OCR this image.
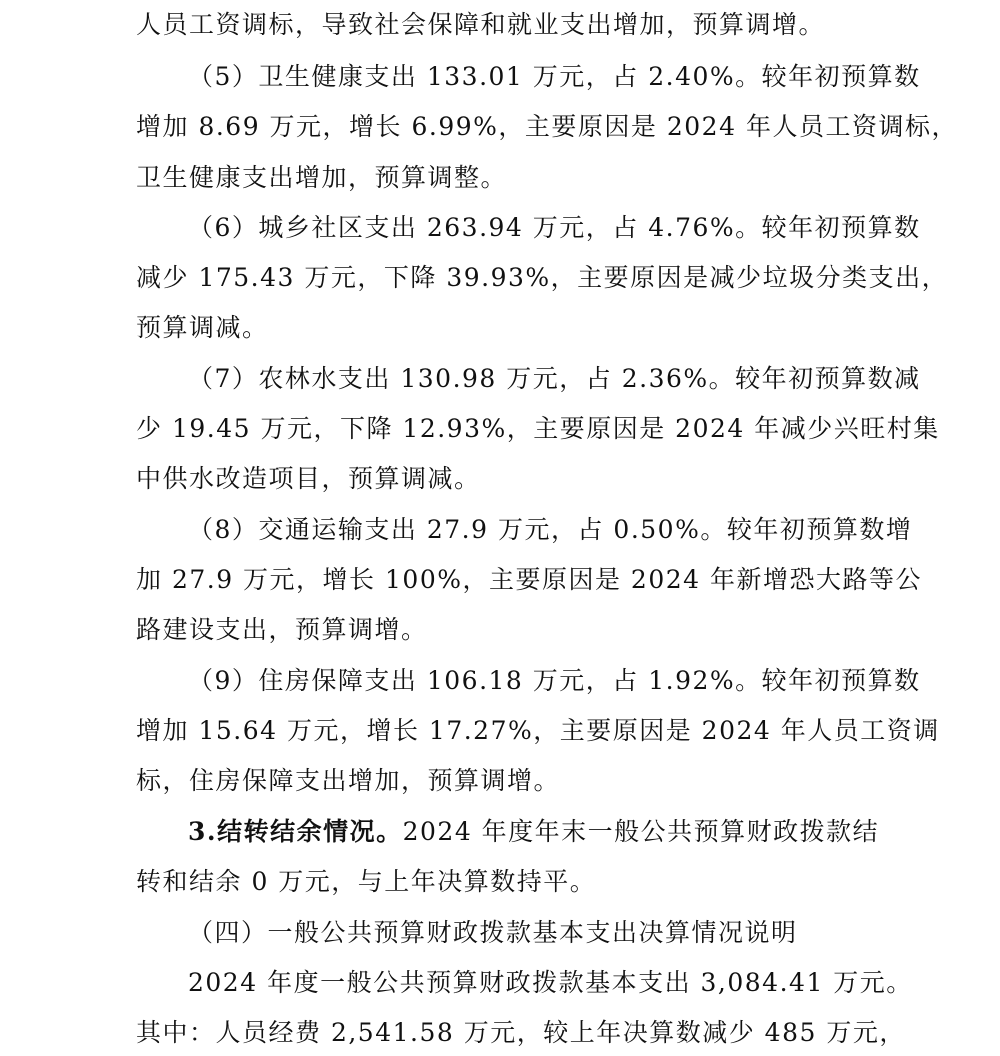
人员工资调标，导致社会保障和就业支出增加，预算调增。
（5）卫生健康支出 133.01 万元，占 2.40%。较年初预算数
增加 8.69 万元，增长 6.99%，主要原因是 2024 年人员工资调标，
卫生健康支出增加，预算调整。
（6）城乡社区支出 263.94 万元，占 4.76%。较年初预算数
减少 175.43 万元，下降 39.93%，主要原因是减少垃圾分类支出，
预算调减。
（7）农林水支出 130.98 万元，占 2.36%。较年初预算数减
少 19.45 万元，下降 12.93%，主要原因是 2024 年减少兴旺村集
中供水改造项目，预算调减。
（8）交通运输支出 27.9 万元，占 0.50%。较年初预算数增
加 27.9 万元，增长 100%，主要原因是 2024 年新增恐大路等公
路建设支出，预算调增。
（9）住房保障支出 106.18 万元，占 1.92%。较年初预算数
增加 15.64 万元，增长 17.27%，主要原因是 2024 年人员工资调
标，住房保障支出增加，预算调增。
3.结转结余情况。2024 年度年末一般公共预算财政拨款结
转和结余 0 万元，与上年决算数持平。
（四）一般公共预算财政拨款基本支出决算情况说明
2024 年度一般公共预算财政拨款基本支出 3,084.41 万元。
其中：人员经费 2,541.58 万元，较上年决算数减少 485 万元，
